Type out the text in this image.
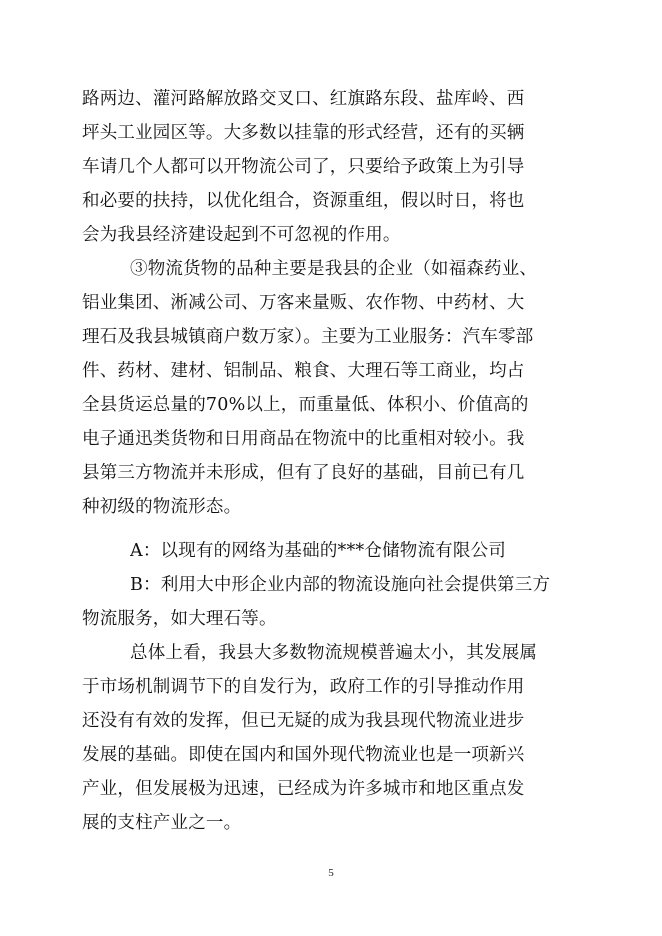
路两边、灌河路解放路交叉口、红旗路东段、盐库岭、西
坪头工业园区等。大多数以挂靠的形式经营，还有的买辆
车请几个人都可以开物流公司了，只要给予政策上为引导
和必要的扶持，以优化组合，资源重组，假以时日，将也
会为我县经济建设起到不可忽视的作用。
③物流货物的品种主要是我县的企业（如福森药业、
铝业集团、淅减公司、万客来量贩、农作物、中药材、大
理石及我县城镇商户数万家）。主要为工业服务：汽车零部
件、药材、建材、铝制品、粮食、大理石等工商业，均占
全县货运总量的70%以上，而重量低、体积小、价值高的
电子通迅类货物和日用商品在物流中的比重相对较小。我
县第三方物流并未形成，但有了良好的基础，目前已有几
种初级的物流形态。
A：以现有的网络为基础的***仓储物流有限公司
B：利用大中形企业内部的物流设施向社会提供第三方
物流服务，如大理石等。
总体上看，我县大多数物流规模普遍太小，其发展属
于市场机制调节下的自发行为，政府工作的引导推动作用
还没有有效的发挥，但已无疑的成为我县现代物流业进步
发展的基础。即使在国内和国外现代物流业也是一项新兴
产业，但发展极为迅速，已经成为许多城市和地区重点发
展的支柱产业之一。
5
